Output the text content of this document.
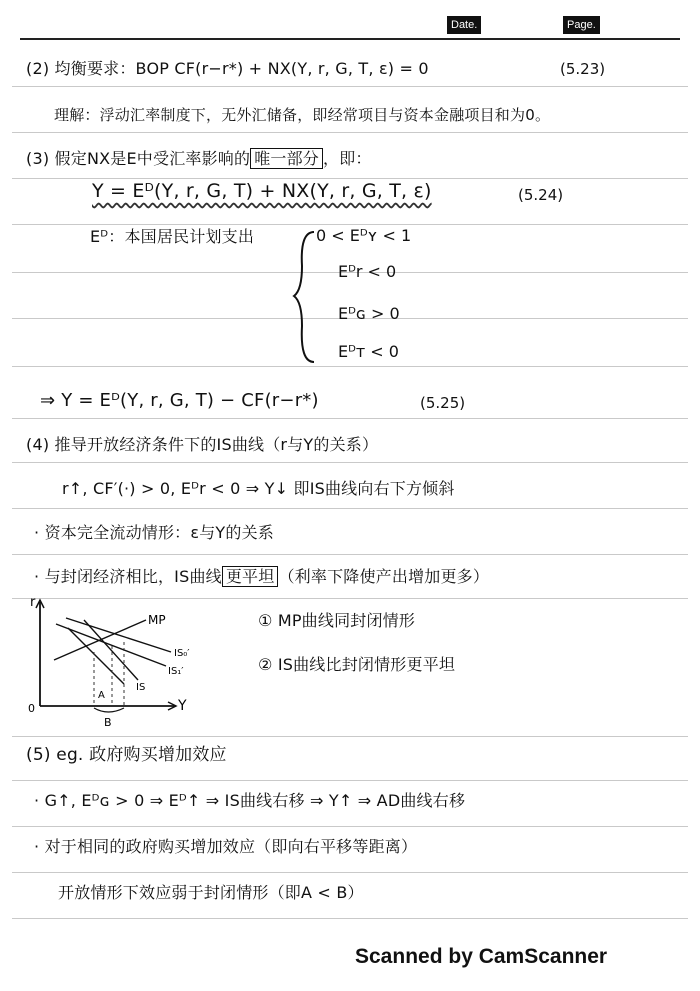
Date.	Page.
(2) 均衡要求：BOP CF(r−r*) + NX(Y, r, G, T, ε) = 0	(5.23)
理解：浮动汇率制度下，无外汇储备，即经常项目与资本金融项目和为0。
(3) 假定NX是E中受汇率影响的 唯一部分 ，即：
Y = Eᴰ(Y, r, G, T) + NX(Y, r, G, T, ε)	(5.24)
Eᴰ：本国居民计划支出	0 < Eᴰʏ < 1
Eᴰr < 0
Eᴰɢ > 0
Eᴰᴛ < 0
⇒ Y = Eᴰ(Y, r, G, T) − CF(r−r*)	(5.25)
(4) 推导开放经济条件下的IS曲线（r与Y的关系）
r↑, CF′(·) > 0, Eᴰr < 0 ⇒ Y↓ 即IS曲线向右下方倾斜
· 资本完全流动情形：ε与Y的关系
· 与封闭经济相比，IS曲线 更平坦 （利率下降使产出增加更多）
r
Y
0
MP
IS₀′
IS₁′
IS
A
B
① MP曲线同封闭情形
② IS曲线比封闭情形更平坦
(5) eg. 政府购买增加效应
· G↑, Eᴰɢ > 0 ⇒ Eᴰ↑ ⇒ IS曲线右移 ⇒ Y↑ ⇒ AD曲线右移
· 对于相同的政府购买增加效应（即向右平移等距离）
开放情形下效应弱于封闭情形（即A < B）
Scanned by CamScanner
